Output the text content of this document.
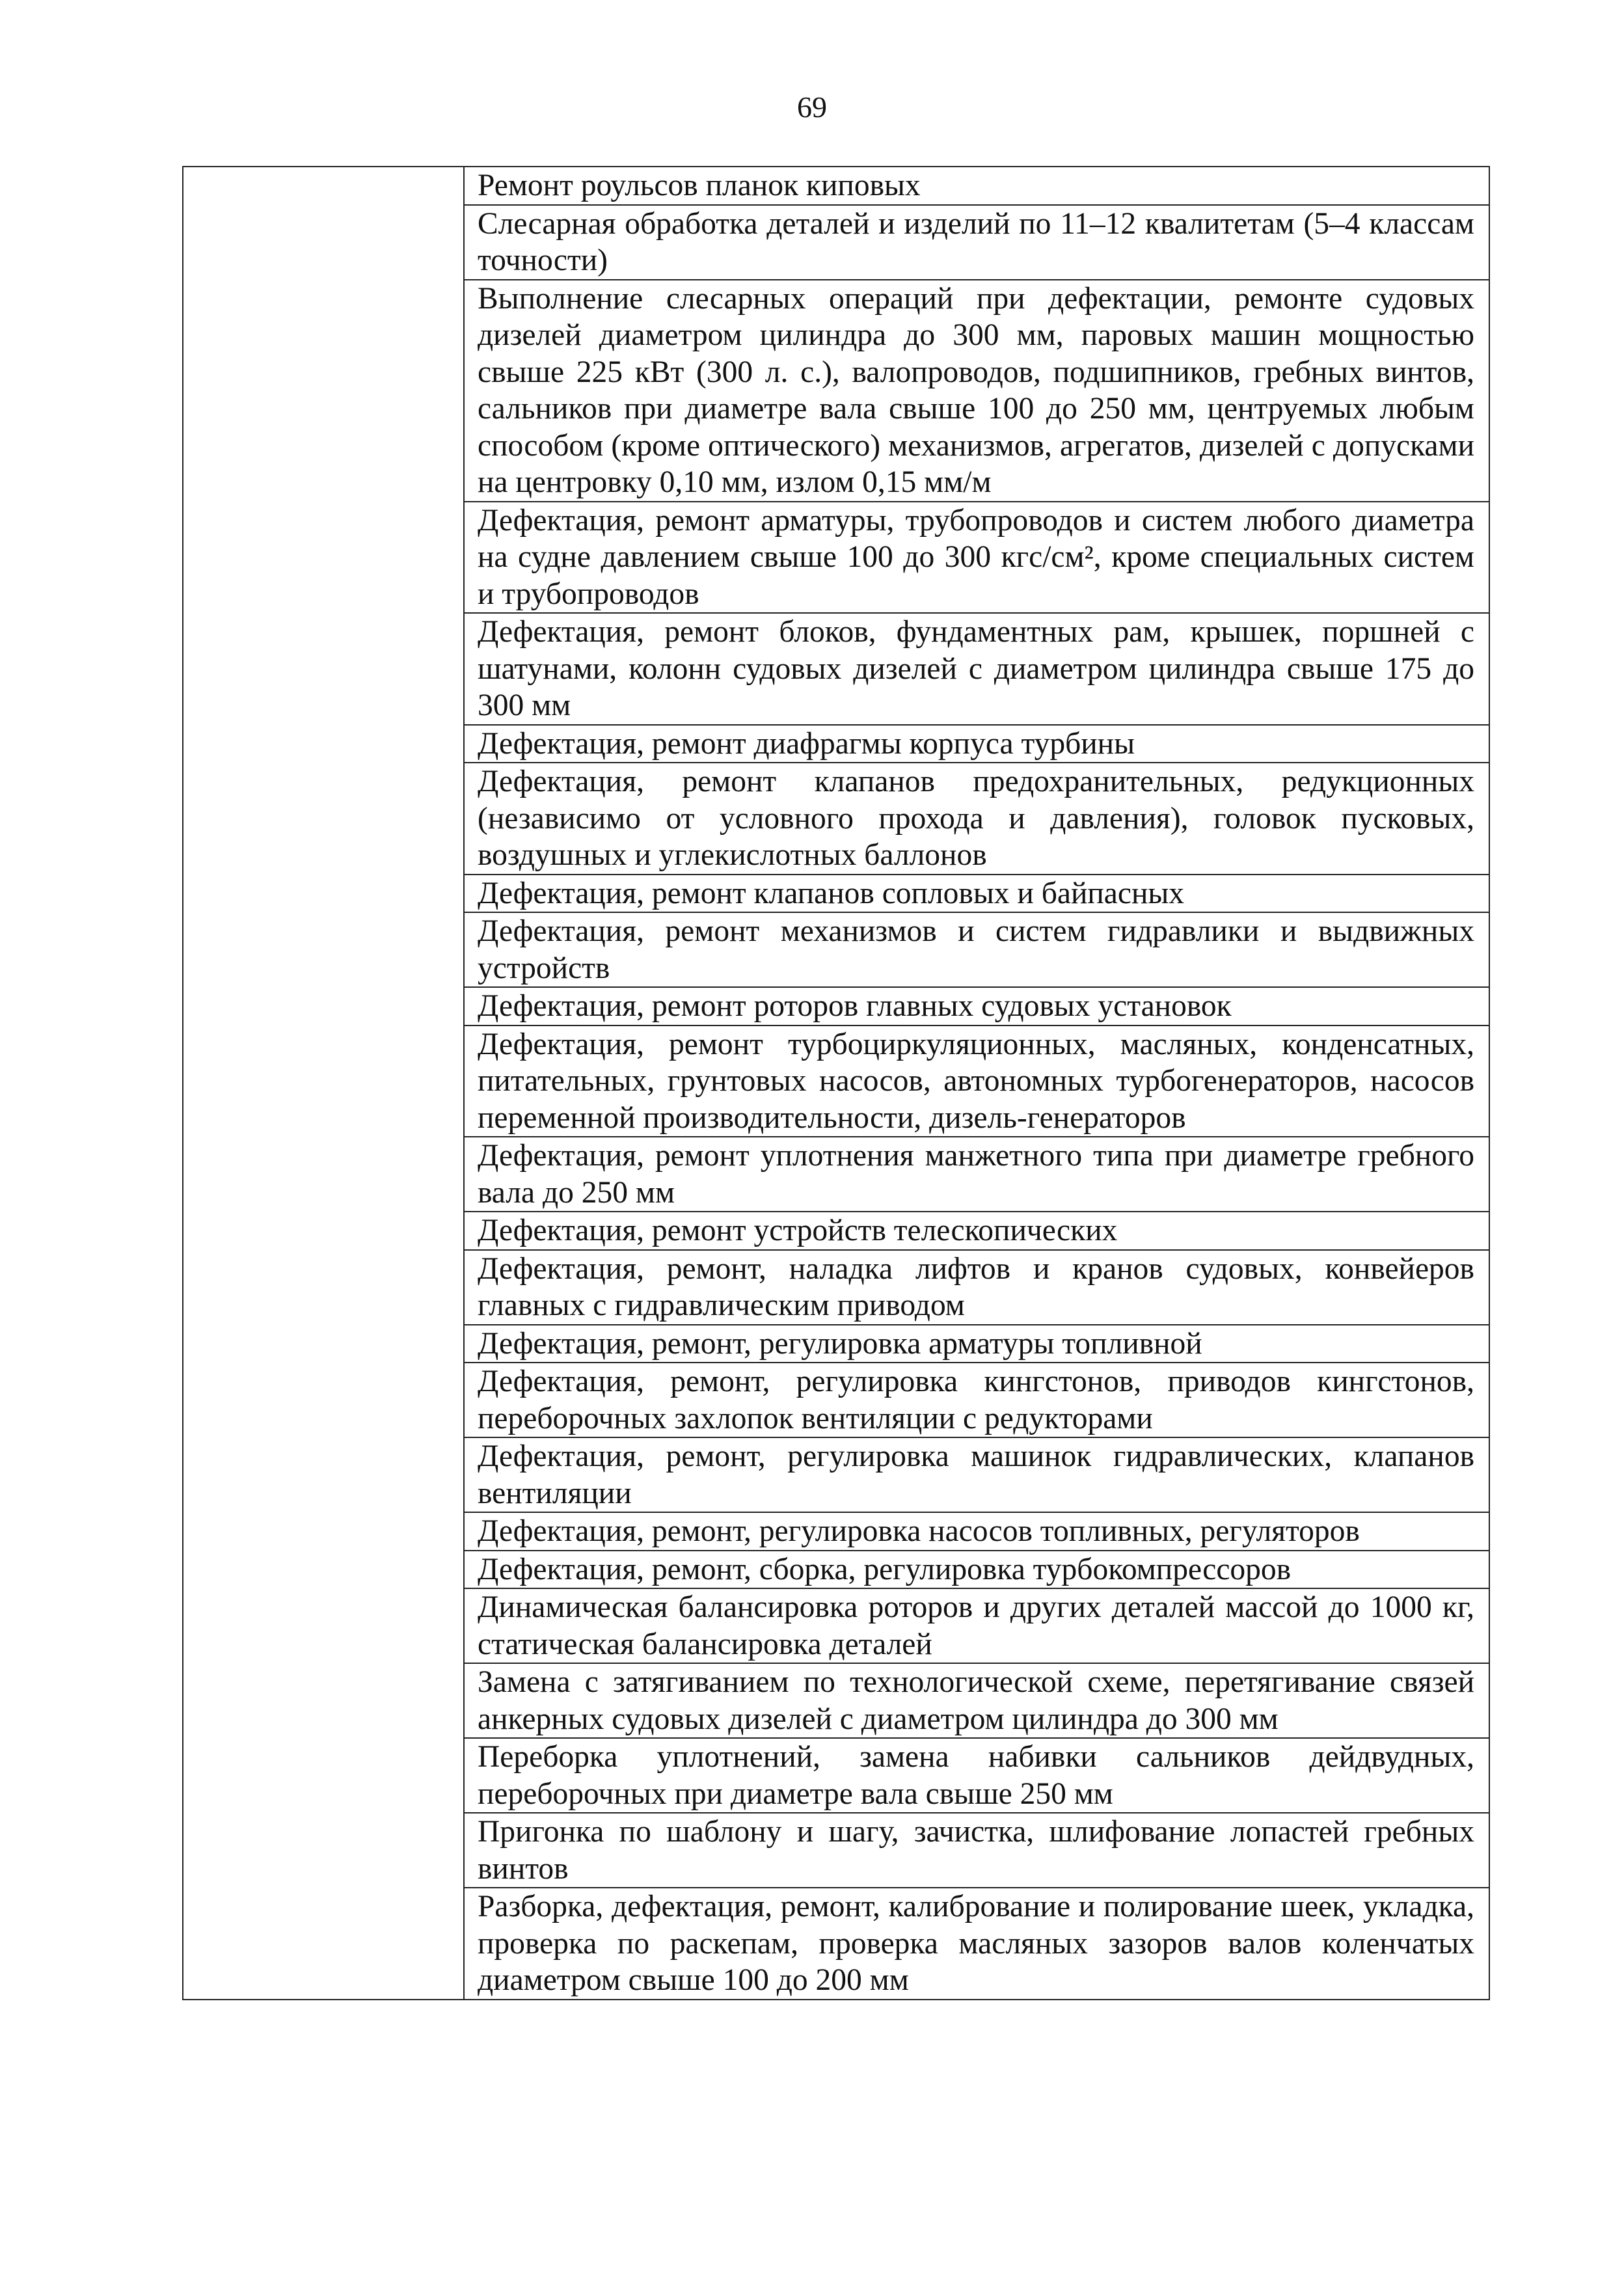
69
	Ремонт роульсов планок киповых
Слесарная обработка деталей и изделий по 11–12 квалитетам (5–4 классам точности)
Выполнение слесарных операций при дефектации, ремонте судовых дизелей диаметром цилиндра до 300 мм, паровых машин мощностью свыше 225 кВт (300 л. с.), валопроводов, подшипников, гребных винтов, сальников при диаметре вала свыше 100 до 250 мм, центруемых любым способом (кроме оптического) механизмов, агрегатов, дизелей с допусками на центровку 0,10 мм, излом 0,15 мм/м
Дефектация, ремонт арматуры, трубопроводов и систем любого диаметра на судне давлением свыше 100 до 300 кгс/см², кроме специальных систем и трубопроводов
Дефектация, ремонт блоков, фундаментных рам, крышек, поршней с шатунами, колонн судовых дизелей с диаметром цилиндра свыше 175 до 300 мм
Дефектация, ремонт диафрагмы корпуса турбины
Дефектация, ремонт клапанов предохранительных, редукционных (независимо от условного прохода и давления), головок пусковых, воздушных и углекислотных баллонов
Дефектация, ремонт клапанов сопловых и байпасных
Дефектация, ремонт механизмов и систем гидравлики и выдвижных устройств
Дефектация, ремонт роторов главных судовых установок
Дефектация, ремонт турбоциркуляционных, масляных, конденсатных, питательных, грунтовых насосов, автономных турбогенераторов, насосов переменной производительности, дизель-генераторов
Дефектация, ремонт уплотнения манжетного типа при диаметре гребного вала до 250 мм
Дефектация, ремонт устройств телескопических
Дефектация, ремонт, наладка лифтов и кранов судовых, конвейеров главных с гидравлическим приводом
Дефектация, ремонт, регулировка арматуры топливной
Дефектация, ремонт, регулировка кингстонов, приводов кингстонов, переборочных захлопок вентиляции с редукторами
Дефектация, ремонт, регулировка машинок гидравлических, клапанов вентиляции
Дефектация, ремонт, регулировка насосов топливных, регуляторов
Дефектация, ремонт, сборка, регулировка турбокомпрессоров
Динамическая балансировка роторов и других деталей массой до 1000 кг, статическая балансировка деталей
Замена с затягиванием по технологической схеме, перетягивание связей анкерных судовых дизелей с диаметром цилиндра до 300 мм
Переборка уплотнений, замена набивки сальников дейдвудных, переборочных при диаметре вала свыше 250 мм
Пригонка по шаблону и шагу, зачистка, шлифование лопастей гребных винтов
Разборка, дефектация, ремонт, калибрование и полирование шеек, укладка, проверка по раскепам, проверка масляных зазоров валов коленчатых диаметром свыше 100 до 200 мм
